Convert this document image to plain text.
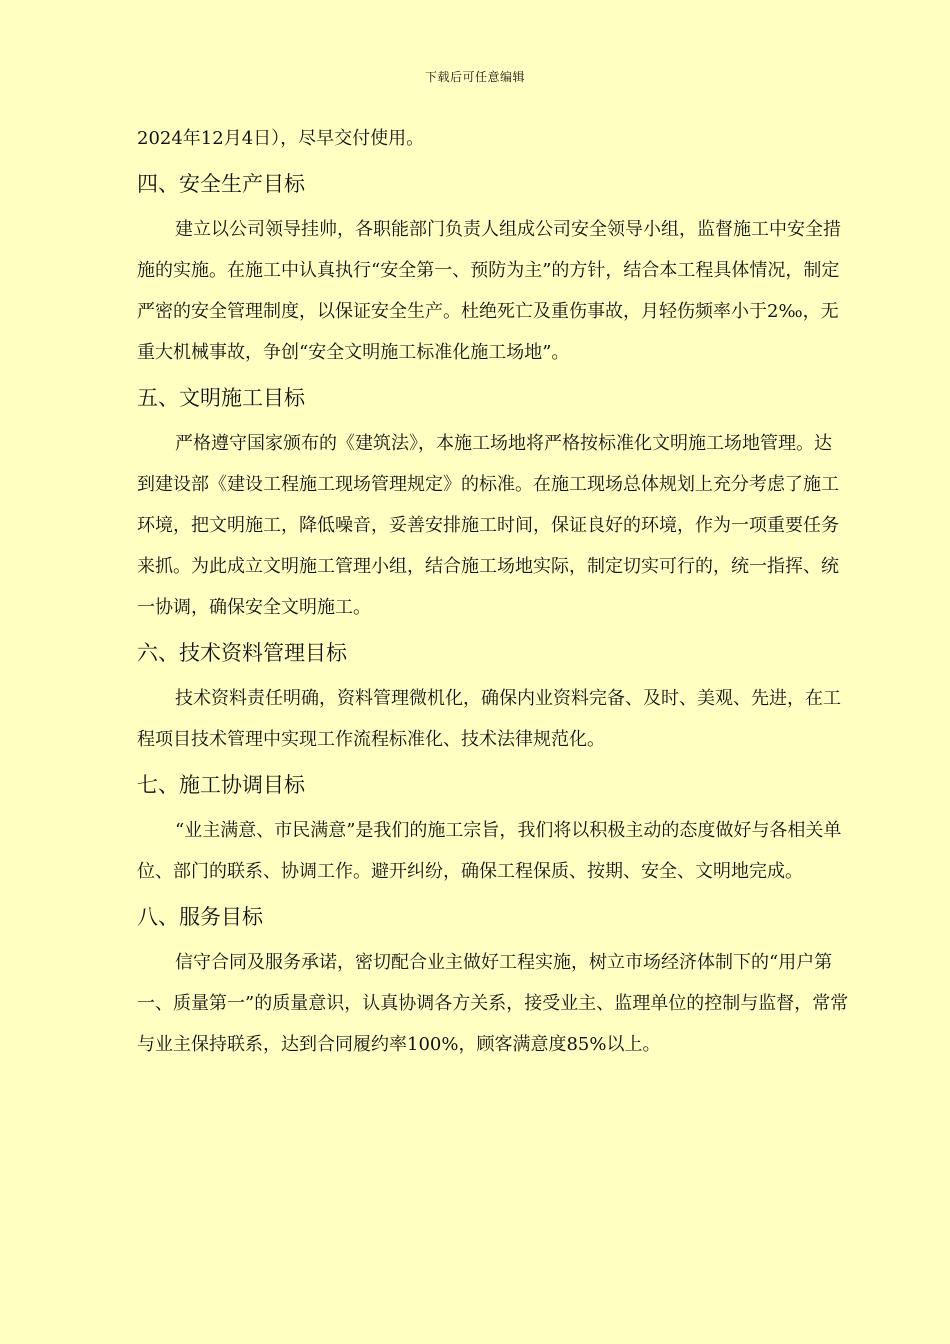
下载后可任意编辑

2024年12月4日），尽早交付使用。

四、安全生产目标

建立以公司领导挂帅，各职能部门负责人组成公司安全领导小组，监督施工中安全措施的实施。在施工中认真执行“安全第一、预防为主”的方针，结合本工程具体情况，制定严密的安全管理制度，以保证安全生产。杜绝死亡及重伤事故，月轻伤频率小于2‰，无重大机械事故，争创“安全文明施工标准化施工场地”。

五、文明施工目标

严格遵守国家颁布的《建筑法》，本施工场地将严格按标准化文明施工场地管理。达到建设部《建设工程施工现场管理规定》的标准。在施工现场总体规划上充分考虑了施工环境，把文明施工，降低噪音，妥善安排施工时间，保证良好的环境，作为一项重要任务来抓。为此成立文明施工管理小组，结合施工场地实际，制定切实可行的，统一指挥、统一协调，确保安全文明施工。

六、技术资料管理目标

技术资料责任明确，资料管理微机化，确保内业资料完备、及时、美观、先进，在工程项目技术管理中实现工作流程标准化、技术法律规范化。

七、施工协调目标

“业主满意、市民满意”是我们的施工宗旨，我们将以积极主动的态度做好与各相关单位、部门的联系、协调工作。避开纠纷，确保工程保质、按期、安全、文明地完成。

八、服务目标

信守合同及服务承诺，密切配合业主做好工程实施，树立市场经济体制下的“用户第一、质量第一”的质量意识，认真协调各方关系，接受业主、监理单位的控制与监督，常常与业主保持联系，达到合同履约率100%，顾客满意度85%以上。
